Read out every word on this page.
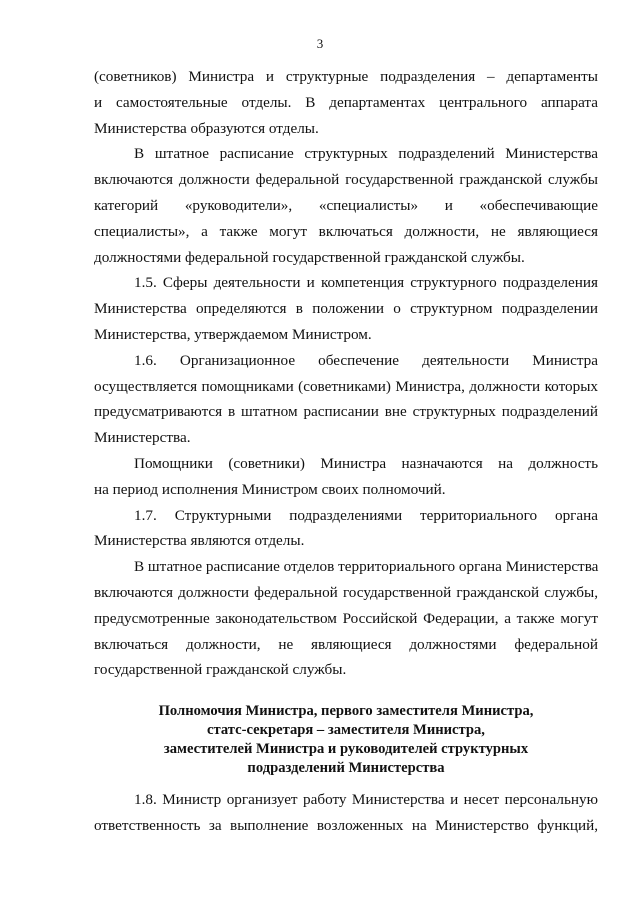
3
(советников) Министра и структурные подразделения – департаменты
и самостоятельные отделы. В департаментах центрального аппарата
Министерства образуются отделы.
В штатное расписание структурных подразделений Министерства
включаются должности федеральной государственной гражданской службы
категорий «руководители», «специалисты» и «обеспечивающие
специалисты», а также могут включаться должности, не являющиеся
должностями федеральной государственной гражданской службы.
1.5. Сферы деятельности и компетенция структурного подразделения
Министерства определяются в положении о структурном подразделении
Министерства, утверждаемом Министром.
1.6. Организационное обеспечение деятельности Министра
осуществляется помощниками (советниками) Министра, должности которых
предусматриваются в штатном расписании вне структурных подразделений
Министерства.
Помощники (советники) Министра назначаются на должность
на период исполнения Министром своих полномочий.
1.7. Структурными подразделениями территориального органа
Министерства являются отделы.
В штатное расписание отделов территориального органа Министерства
включаются должности федеральной государственной гражданской службы,
предусмотренные законодательством Российской Федерации, а также могут
включаться должности, не являющиеся должностями федеральной
государственной гражданской службы.
Полномочия Министра, первого заместителя Министра,
статс-секретаря – заместителя Министра,
заместителей Министра и руководителей структурных
подразделений Министерства
1.8. Министр организует работу Министерства и несет персональную
ответственность за выполнение возложенных на Министерство функций,
